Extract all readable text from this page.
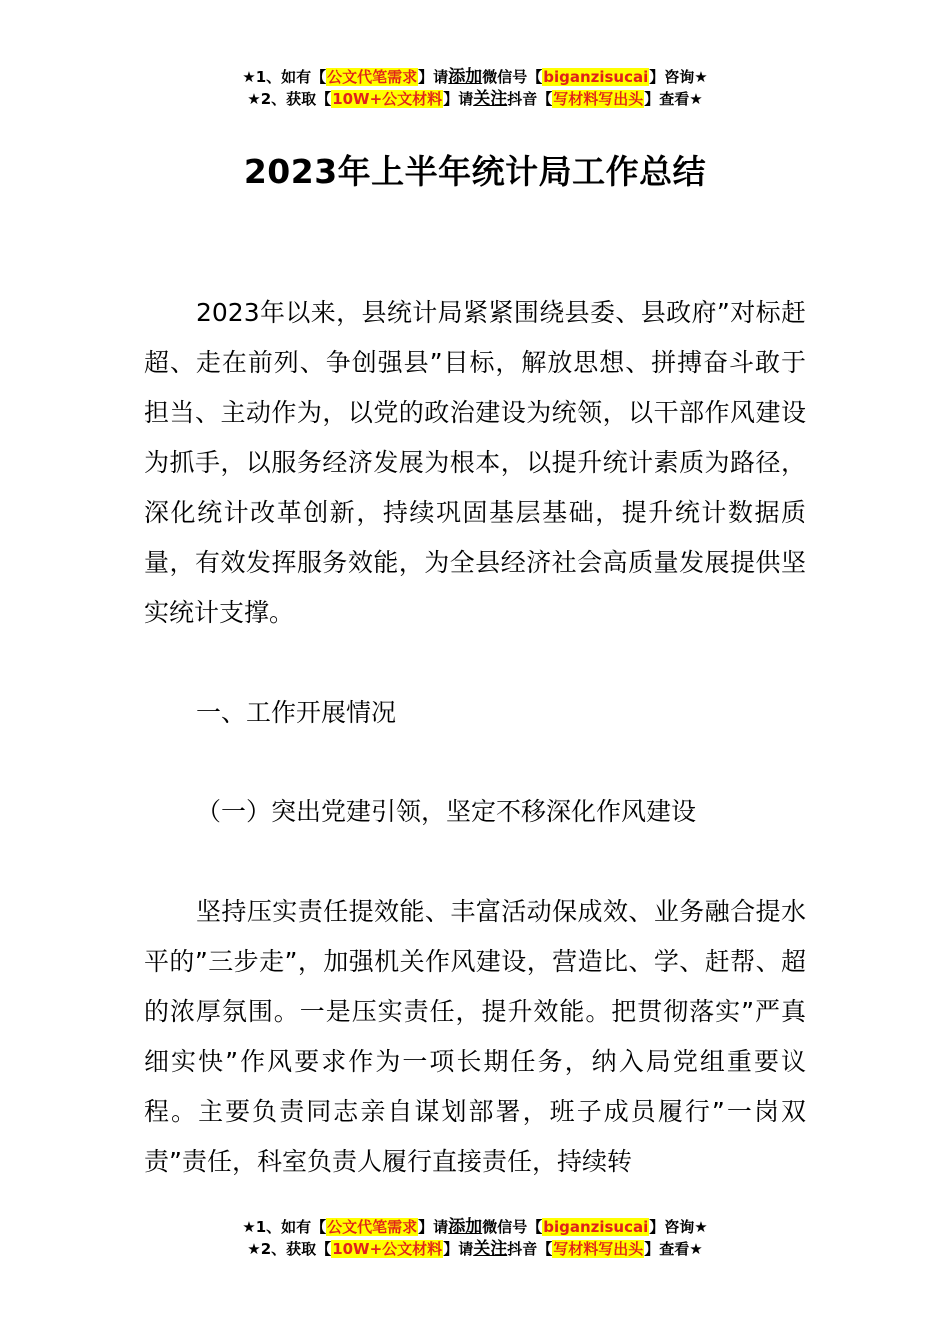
★1、如有【公文代笔需求】请添加微信号【biganzisucai】咨询★
★2、获取【10W+公文材料】请关注抖音【写材料写出头】查看★
2023年上半年统计局工作总结
2023年以来，县统计局紧紧围绕县委、县政府”对标赶超、走在前列、争创强县”目标，解放思想、拼搏奋斗敢于担当、主动作为，以党的政治建设为统领，以干部作风建设为抓手，以服务经济发展为根本，以提升统计素质为路径，深化统计改革创新，持续巩固基层基础，提升统计数据质量，有效发挥服务效能，为全县经济社会高质量发展提供坚实统计支撑。
一、工作开展情况
（一）突出党建引领，坚定不移深化作风建设
坚持压实责任提效能、丰富活动保成效、业务融合提水平的”三步走”，加强机关作风建设，营造比、学、赶帮、超的浓厚氛围。一是压实责任，提升效能。把贯彻落实”严真细实快”作风要求作为一项长期任务，纳入局党组重要议程。主要负责同志亲自谋划部署，班子成员履行”一岗双责”责任，科室负责人履行直接责任，持续转
★1、如有【公文代笔需求】请添加微信号【biganzisucai】咨询★
★2、获取【10W+公文材料】请关注抖音【写材料写出头】查看★
